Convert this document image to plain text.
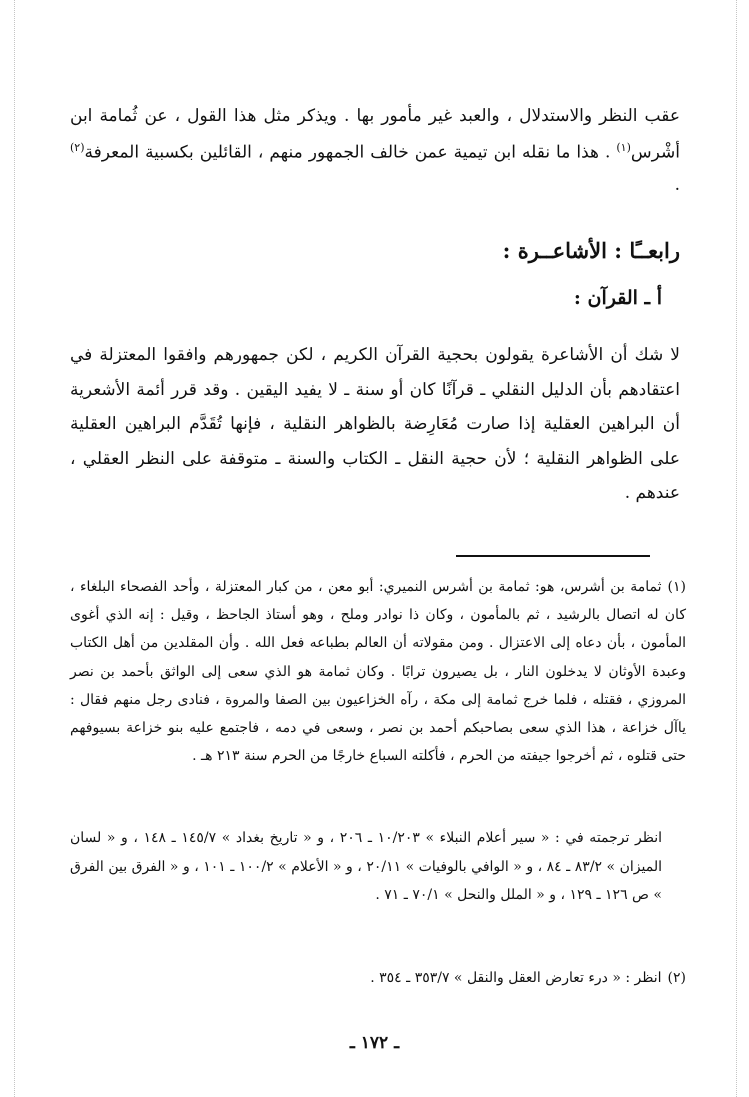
عقب النظر والاستدلال ، والعبد غير مأمور بها . ويذكر مثل هذا القول ، عن ثُمامة ابن أشْرس$^{(١)}$ . هذا ما نقله ابن تيمية عمن خالف الجمهور منهم ، القائلين بكسبية المعرفة$^{(٢)}$ .

رابعــًا : الأشاعــرة :
أ ـ القرآن :

لا شك أن الأشاعرة يقولون بحجية القرآن الكريم ، لكن جمهورهم وافقوا المعتزلة في اعتقادهم بأن الدليل النقلي ـ قرآنًا كان أو سنة ـ لا يفيد اليقين . وقد قرر أئمة الأشعرية أن البراهين العقلية إذا صارت مُعَارِضة بالظواهر النقلية ، فإنها تُقَدَّم البراهين العقلية على الظواهر النقلية ؛ لأن حجية النقل ـ الكتاب والسنة ـ متوقفة على النظر العقلي ، عندهم .

(١)ثمامة بن أشرس، هو: ثمامة بن أشرس النميري: أبو معن ، من كبار المعتزلة ، وأحد الفصحاء البلغاء ، كان له اتصال بالرشيد ، ثم بالمأمون ، وكان ذا نوادر وملح ، وهو أستاذ الجاحظ ، وقيل : إنه الذي أغوى المأمون ، بأن دعاه إلى الاعتزال . ومن مقولاته أن العالم بطباعه فعل الله . وأن المقلدين من أهل الكتاب وعبدة الأوثان لا يدخلون النار ، بل يصيرون ترابًا . وكان ثمامة هو الذي سعى إلى الواثق بأحمد بن نصر المروزي ، فقتله ، فلما خرج ثمامة إلى مكة ، رآه الخزاعيون بين الصفا والمروة ، فنادى رجل منهم فقال : ياآل خزاعة ، هذا الذي سعى بصاحبكم أحمد بن نصر ، وسعى في دمه ، فاجتمع عليه بنو خزاعة بسيوفهم حتى قتلوه ، ثم أخرجوا جيفته من الحرم ، فأكلته السباع خارجًا من الحرم سنة ٢١٣ هـ .

انظر ترجمته في : « سير أعلام النبلاء » ١٠/٢٠٣ ـ ٢٠٦ ، و « تاريخ بغداد » ١٤٥/٧ ـ ١٤٨ ، و « لسان الميزان » ٨٣/٢ ـ ٨٤ ، و « الوافي بالوفيات » ٢٠/١١ ، و « الأعلام » ١٠٠/٢ ـ ١٠١ ، و « الفرق بين الفرق » ص ١٢٦ ـ ١٢٩ ، و « الملل والنحل » ٧٠/١ ـ ٧١ .

(٢)انظر : « درء تعارض العقل والنقل » ٣٥٣/٧ ـ ٣٥٤ .

ـ ١٧٢ ـ
